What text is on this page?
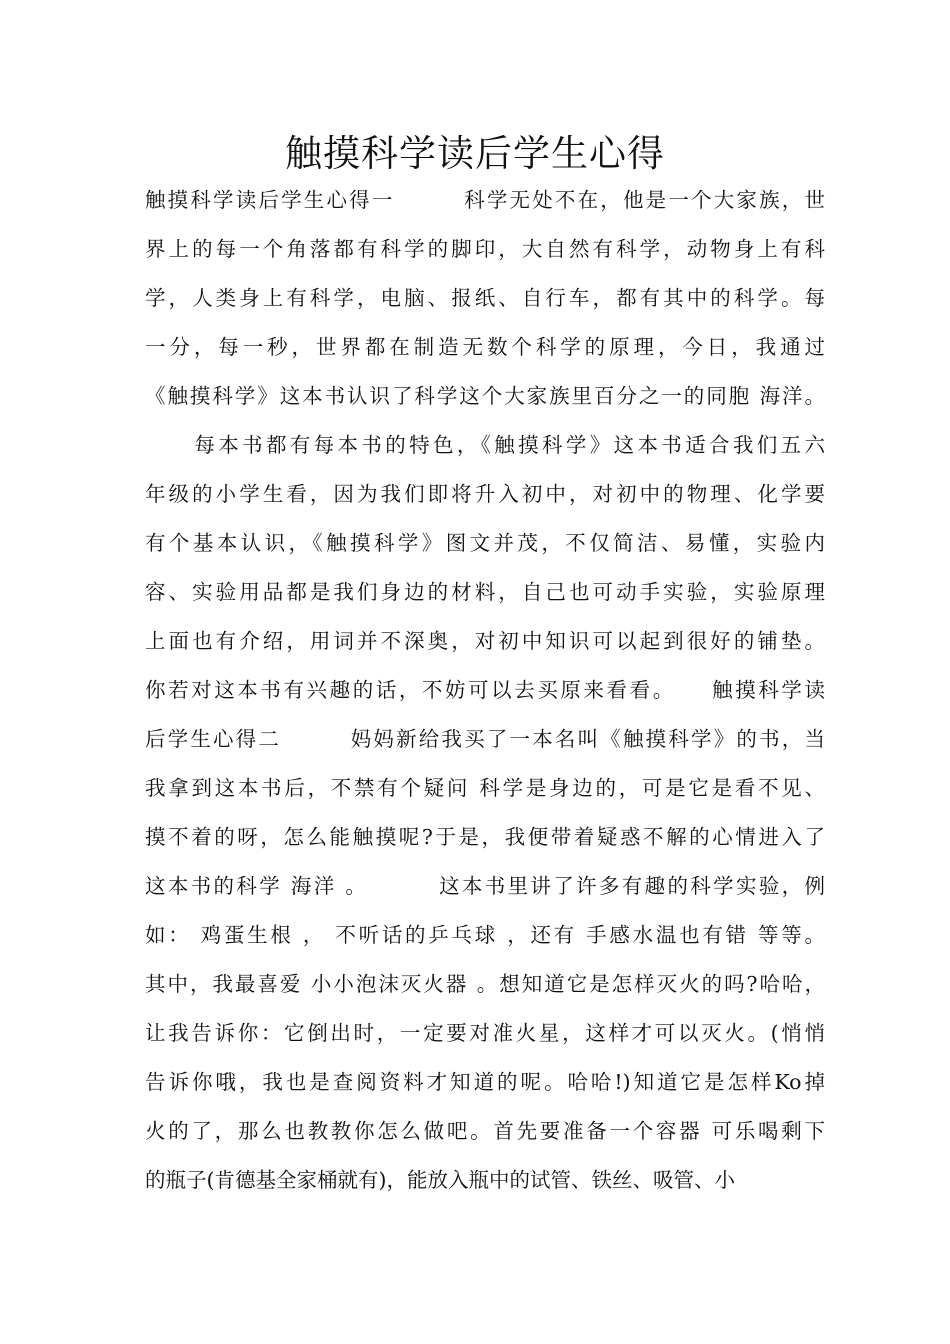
触摸科学读后学生心得
触摸科学读后学生心得一        科学无处不在，他是一个大家族，世
界上的每一个角落都有科学的脚印，大自然有科学，动物身上有科
学，人类身上有科学，电脑、报纸、自行车，都有其中的科学。每
一分，每一秒，世界都在制造无数个科学的原理，今日，我通过
《触摸科学》这本书认识了科学这个大家族里百分之一的同胞 海洋。
每本书都有每本书的特色，《触摸科学》这本书适合我们五六
年级的小学生看，因为我们即将升入初中，对初中的物理、化学要
有个基本认识，《触摸科学》图文并茂，不仅简洁、易懂，实验内
容、实验用品都是我们身边的材料，自己也可动手实验，实验原理
上面也有介绍，用词并不深奥，对初中知识可以起到很好的铺垫。
你若对这本书有兴趣的话，不妨可以去买原来看看。    触摸科学读
后学生心得二        妈妈新给我买了一本名叫《触摸科学》的书，当
我拿到这本书后，不禁有个疑问 科学是身边的，可是它是看不见、
摸不着的呀，怎么能触摸呢?于是，我便带着疑惑不解的心情进入了
这本书的科学 海洋 。        这本书里讲了许多有趣的科学实验，例
如： 鸡蛋生根 ， 不听话的乒乓球 ，还有 手感水温也有错 等等。
其中，我最喜爱 小小泡沫灭火器 。想知道它是怎样灭火的吗?哈哈，
让我告诉你：它倒出时，一定要对准火星，这样才可以灭火。(悄悄
告诉你哦，我也是查阅资料才知道的呢。哈哈!)知道它是怎样Ko掉
火的了，那么也教教你怎么做吧。首先要准备一个容器 可乐喝剩下
的瓶子(肯德基全家桶就有)，能放入瓶中的试管、铁丝、吸管、小
